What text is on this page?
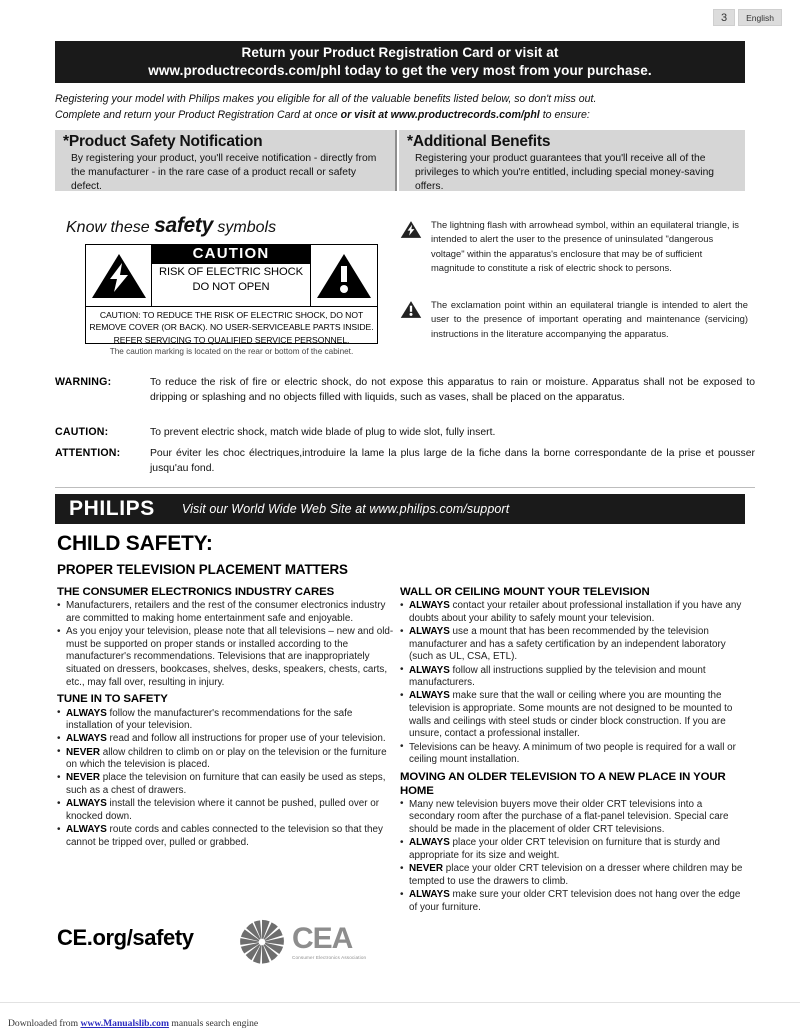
3	English
Return your Product Registration Card or visit at
www.productrecords.com/phl today to get the very most from your purchase.
Registering your model with Philips makes you eligible for all of the valuable benefits listed below, so don't miss out.
Complete and return your Product Registration Card at once or visit at www.productrecords.com/phl to ensure:
*Product Safety Notification
By registering your product, you'll receive notification - directly from the manufacturer - in the rare case of a product recall or safety defect.
*Additional Benefits
Registering your product guarantees that you'll receive all of the privileges to which you're entitled, including special money-saving offers.
Know these safety symbols
CAUTION
RISK OF ELECTRIC SHOCK
DO NOT OPEN
CAUTION: TO REDUCE THE RISK OF ELECTRIC SHOCK, DO NOT REMOVE COVER (OR BACK). NO USER-SERVICEABLE PARTS INSIDE. REFER SERVICING TO QUALIFIED SERVICE PERSONNEL.
The caution marking is located on the rear or bottom of the cabinet.
The lightning flash with arrowhead symbol, within an equilateral triangle, is intended to alert the user to the presence of uninsulated "dangerous voltage" within the apparatus's enclosure that may be of sufficient magnitude to constitute a risk of electric shock to persons.
The exclamation point within an equilateral triangle is intended to alert the user to the presence of important operating and maintenance (servicing) instructions in the literature accompanying the apparatus.
WARNING:	To reduce the risk of fire or electric shock, do not expose this apparatus to rain or moisture. Apparatus shall not be exposed to dripping or splashing and no objects filled with liquids, such as vases, shall be placed on the apparatus.
CAUTION:	To prevent electric shock, match wide blade of plug to wide slot, fully insert.
ATTENTION:	Pour éviter les choc électriques,introduire la lame la plus large de la fiche dans la borne correspondante de la prise et pousser jusqu'au fond.
PHILIPS Visit our World Wide Web Site at www.philips.com/support
CHILD SAFETY:
PROPER TELEVISION PLACEMENT MATTERS
THE CONSUMER ELECTRONICS INDUSTRY CARES
• Manufacturers, retailers and the rest of the consumer electronics industry are committed to making home entertainment safe and enjoyable.
• As you enjoy your television, please note that all televisions – new and old- must be supported on proper stands or installed according to the manufacturer's recommendations. Televisions that are inappropriately situated on dressers, bookcases, shelves, desks, speakers, chests, carts, etc., may fall over, resulting in injury.
TUNE IN TO SAFETY
• ALWAYS follow the manufacturer's recommendations for the safe installation of your television.
• ALWAYS read and follow all instructions for proper use of your television.
• NEVER allow children to climb on or play on the television or the furniture on which the television is placed.
• NEVER place the television on furniture that can easily be used as steps, such as a chest of drawers.
• ALWAYS install the television where it cannot be pushed, pulled over or knocked down.
• ALWAYS route cords and cables connected to the television so that they cannot be tripped over, pulled or grabbed.
WALL OR CEILING MOUNT YOUR TELEVISION
• ALWAYS contact your retailer about professional installation if you have any doubts about your ability to safely mount your television.
• ALWAYS use a mount that has been recommended by the television manufacturer and has a safety certification by an independent laboratory (such as UL, CSA, ETL).
• ALWAYS follow all instructions supplied by the television and mount manufacturers.
• ALWAYS make sure that the wall or ceiling where you are mounting the television is appropriate. Some mounts are not designed to be mounted to walls and ceilings with steel studs or cinder block construction. If you are unsure, contact a professional installer.
• Televisions can be heavy. A minimum of two people is required for a wall or ceiling mount installation.
MOVING AN OLDER TELEVISION TO A NEW PLACE IN YOUR HOME
• Many new television buyers move their older CRT televisions into a secondary room after the purchase of a flat-panel television. Special care should be made in the placement of older CRT televisions.
• ALWAYS place your older CRT television on furniture that is sturdy and appropriate for its size and weight.
• NEVER place your older CRT television on a dresser where children may be tempted to use the drawers to climb.
• ALWAYS make sure your older CRT television does not hang over the edge of your furniture.
CE.org/safety	CEA
Consumer Electronics Association
Downloaded from www.Manualslib.com manuals search engine
